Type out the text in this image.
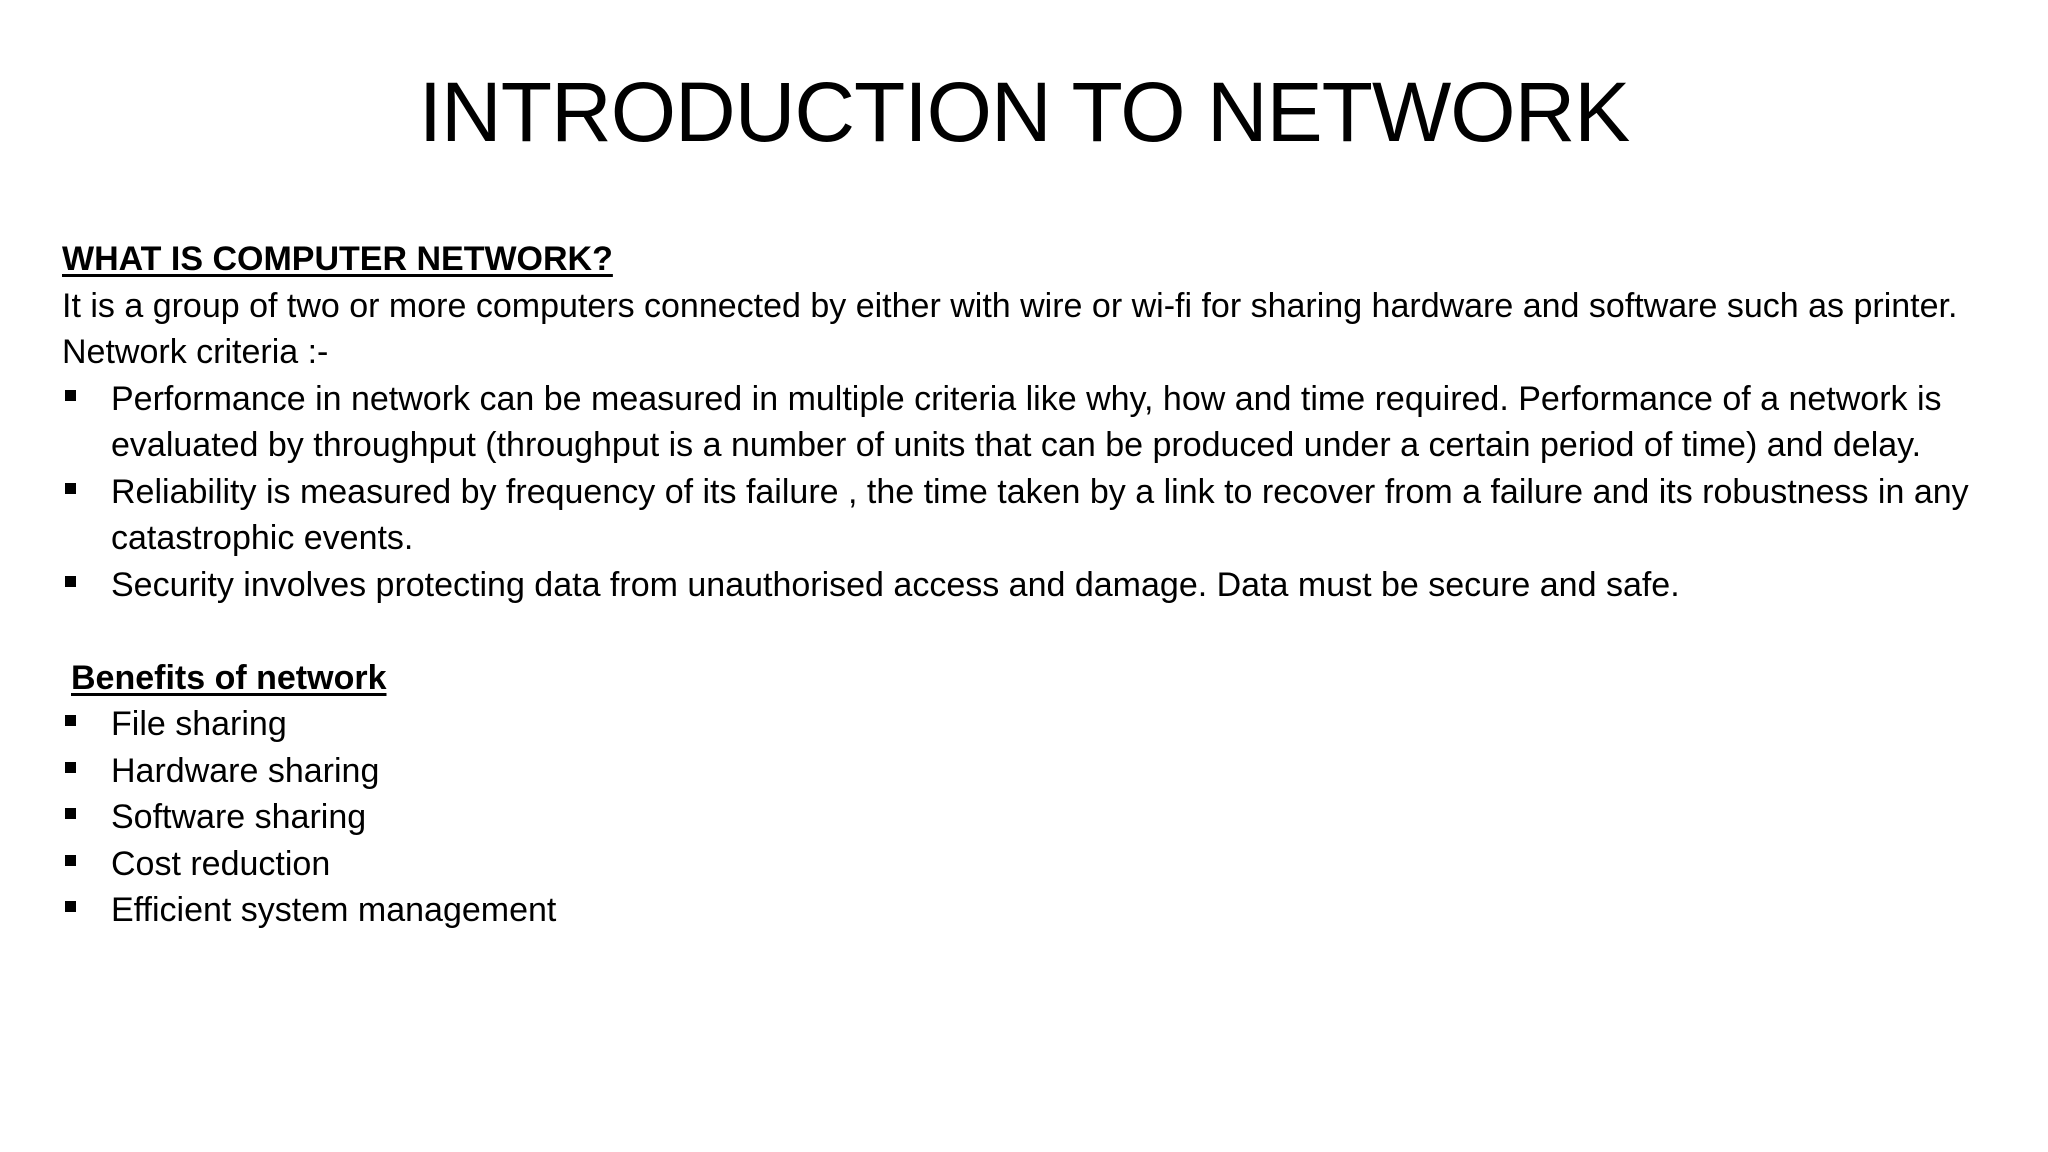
INTRODUCTION TO NETWORK
WHAT IS COMPUTER NETWORK?

It is a group of two or more computers connected by either with wire or wi-fi for sharing hardware and software such as printer.

Network criteria :-

Performance in network can be measured in multiple criteria like why, how and time required. Performance of a network is evaluated by throughput (throughput is a number of units that can be produced under a certain period of time) and delay.
Reliability is measured by frequency of its failure , the time taken by a link to recover from a failure and its robustness in any catastrophic events.
Security involves protecting data from unauthorised access and damage. Data must be secure and safe.
Benefits of network
File sharing
Hardware sharing
Software sharing
Cost reduction
Efficient system management
